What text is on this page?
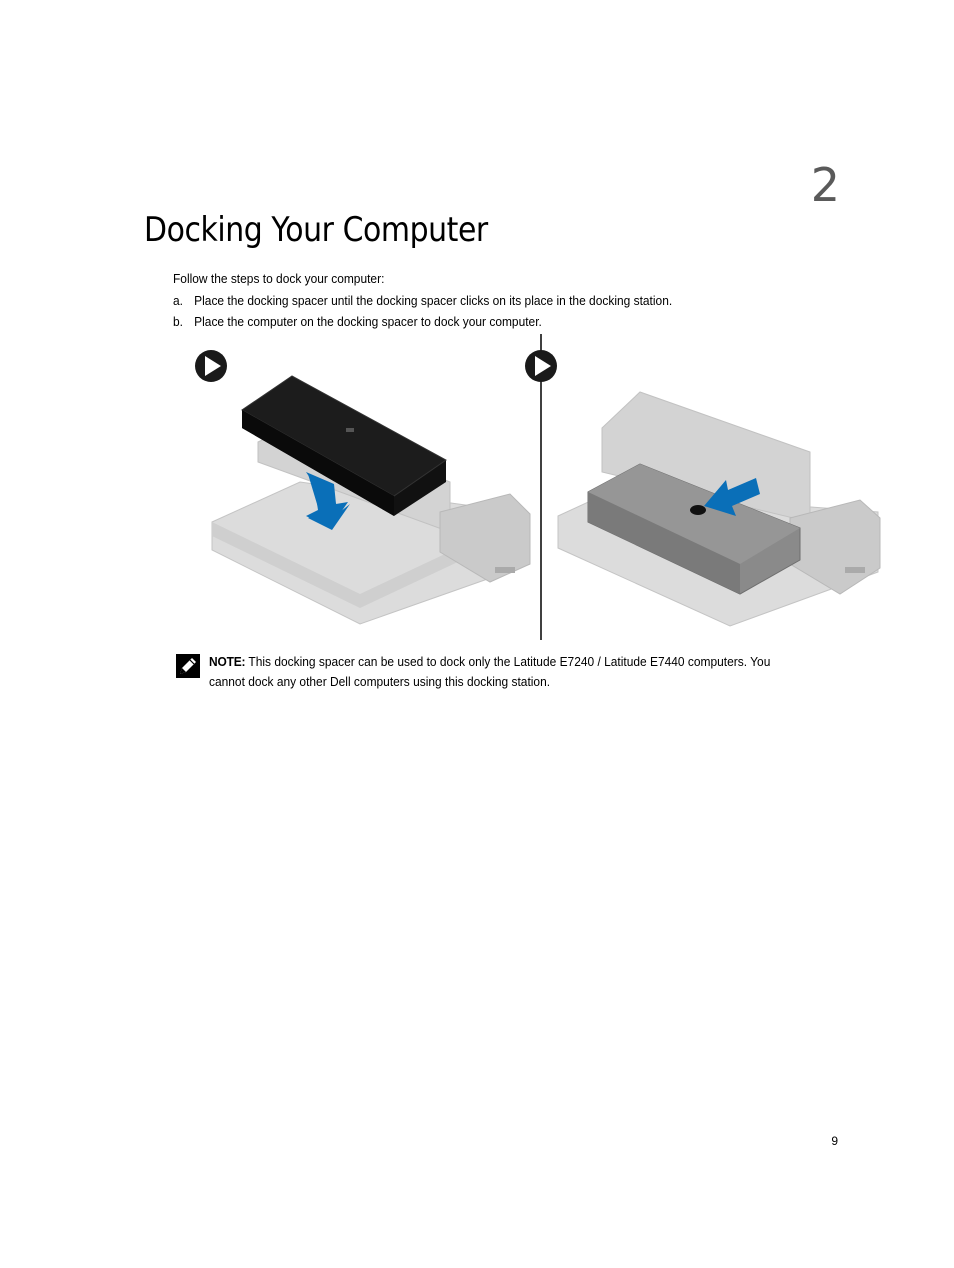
2
Docking Your Computer
Follow the steps to dock your computer:
a. Place the docking spacer until the docking spacer clicks on its place in the docking station.
b. Place the computer on the docking spacer to dock your computer.
NOTE: This docking spacer can be used to dock only the Latitude E7240 / Latitude E7440 computers. You cannot dock any other Dell computers using this docking station.
9
